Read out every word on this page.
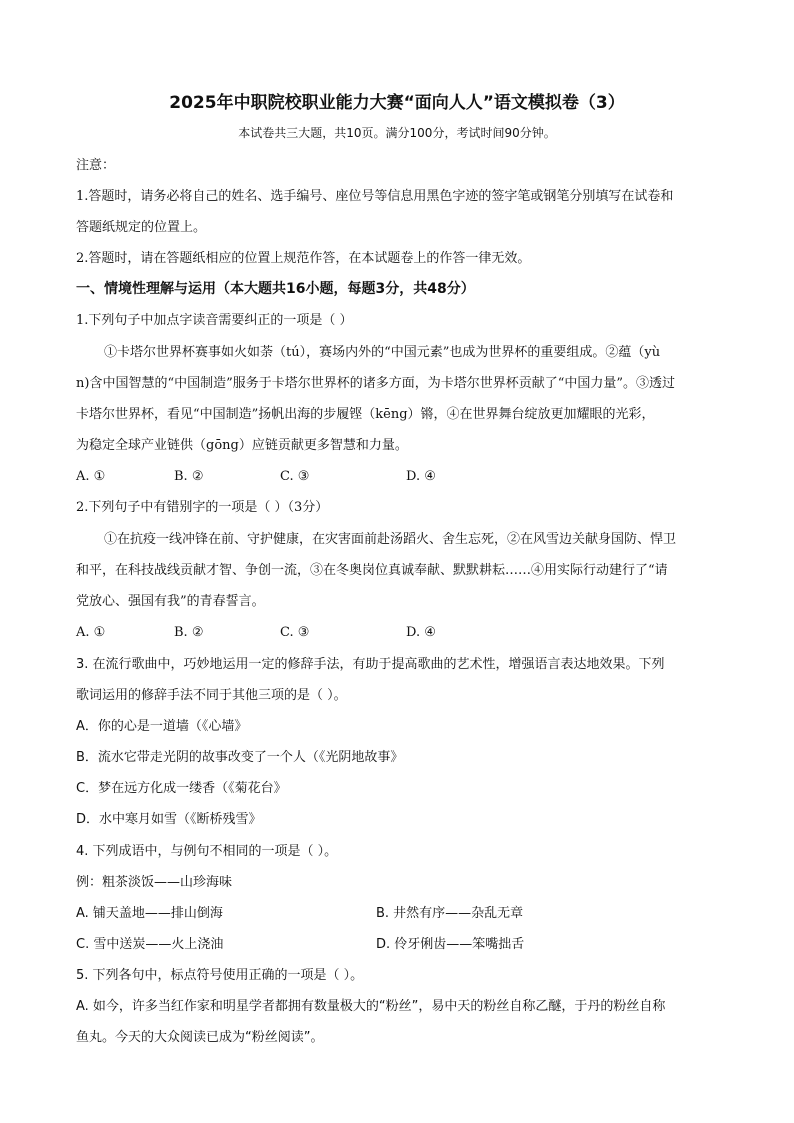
2025年中职院校职业能力大赛“面向人人”语文模拟卷（3）
本试卷共三大题，共10页。满分100分，考试时间90分钟。
注意：
1.答题时，请务必将自己的姓名、选手编号、座位号等信息用黑色字迹的签字笔或钢笔分别填写在试卷和
答题纸规定的位置上。
2.答题时，请在答题纸相应的位置上规范作答，在本试题卷上的作答一律无效。
一、情境性理解与运用（本大题共16小题，每题3分，共48分）
1.下列句子中加点字读音需要纠正的一项是（ ）
①卡塔尔世界杯赛事如火如荼（tú），赛场内外的“中国元素”也成为世界杯的重要组成。②蕴（yù
n)含中国智慧的“中国制造”服务于卡塔尔世界杯的诸多方面，为卡塔尔世界杯贡献了“中国力量”。③透过
卡塔尔世界杯，看见“中国制造”扬帆出海的步履铿（kēng）锵，④在世界舞台绽放更加耀眼的光彩，
为稳定全球产业链供（gōng）应链贡献更多智慧和力量。
A. ①	B. ②	C. ③	D. ④
2.下列句子中有错别字的一项是（ ）（3分）
①在抗疫一线冲锋在前、守护健康，在灾害面前赴汤蹈火、舍生忘死，②在风雪边关献身国防、悍卫
和平，在科技战线贡献才智、争创一流，③在冬奥岗位真诚奉献、默默耕耘……④用实际行动建行了“请
党放心、强国有我”的青春誓言。
A. ①	B. ②	C. ③	D. ④
3. 在流行歌曲中，巧妙地运用一定的修辞手法，有助于提高歌曲的艺术性，增强语言表达地效果。下列
歌词运用的修辞手法不同于其他三项的是（ ）。
A．你的心是一道墙（《心墙》
B．流水它带走光阴的故事改变了一个人（《光阴地故事》
C．梦在远方化成一缕香（《菊花台》
D．水中寒月如雪（《断桥残雪》
4. 下列成语中，与例句不相同的一项是（ ）。
例：粗茶淡饭——山珍海味
A. 铺天盖地——排山倒海	B. 井然有序——杂乱无章
C. 雪中送炭——火上浇油	D. 伶牙俐齿——笨嘴拙舌
5. 下列各句中，标点符号使用正确的一项是（ ）。
A. 如今，许多当红作家和明星学者都拥有数量极大的“粉丝”，易中天的粉丝自称乙醚，于丹的粉丝自称
鱼丸。今天的大众阅读已成为“粉丝阅读”。
